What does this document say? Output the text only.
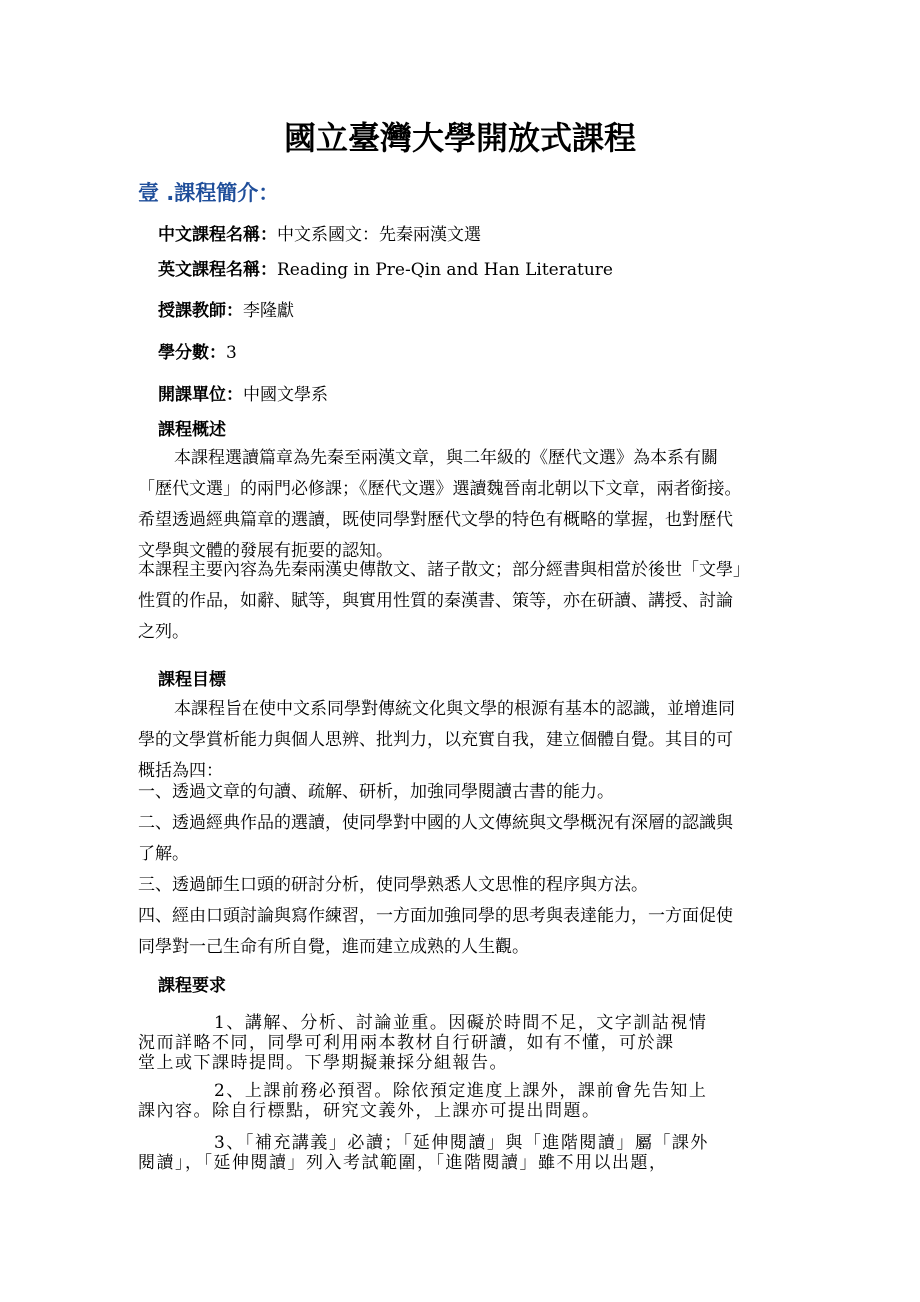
國立臺灣大學開放式課程
壹 .課程簡介：
中文課程名稱：中文系國文：先秦兩漢文選
英文課程名稱：Reading in Pre-Qin and Han Literature
授課教師：李隆獻
學分數：3
開課單位：中國文學系
課程概述
本課程選讀篇章為先秦至兩漢文章，與二年級的《歷代文選》為本系有關
「歷代文選」的兩門必修課；《歷代文選》選讀魏晉南北朝以下文章，兩者銜接。
希望透過經典篇章的選讀，既使同學對歷代文學的特色有概略的掌握，也對歷代
文學與文體的發展有扼要的認知。
本課程主要內容為先秦兩漢史傳散文、諸子散文；部分經書與相當於後世「文學」
性質的作品，如辭、賦等，與實用性質的秦漢書、策等，亦在研讀、講授、討論
之列。
課程目標
本課程旨在使中文系同學對傳統文化與文學的根源有基本的認識，並增進同
學的文學賞析能力與個人思辨、批判力，以充實自我，建立個體自覺。其目的可
概括為四：
一、透過文章的句讀、疏解、研析，加強同學閱讀古書的能力。
二、透過經典作品的選讀，使同學對中國的人文傳統與文學概況有深層的認識與
了解。
三、透過師生口頭的研討分析，使同學熟悉人文思惟的程序與方法。
四、經由口頭討論與寫作練習，一方面加強同學的思考與表達能力，一方面促使
同學對一己生命有所自覺，進而建立成熟的人生觀。
課程要求
1、講解、分析、討論並重。因礙於時間不足，文字訓詁視情
況而詳略不同，同學可利用兩本教材自行研讀，如有不懂，可於課
堂上或下課時提問。下學期擬兼採分組報告。
2、上課前務必預習。除依預定進度上課外，課前會先告知上
課內容。除自行標點，研究文義外，上課亦可提出問題。
3、「補充講義」必讀；「延伸閱讀」與「進階閱讀」屬「課外
閱讀」，「延伸閱讀」列入考試範圍，「進階閱讀」雖不用以出題，
